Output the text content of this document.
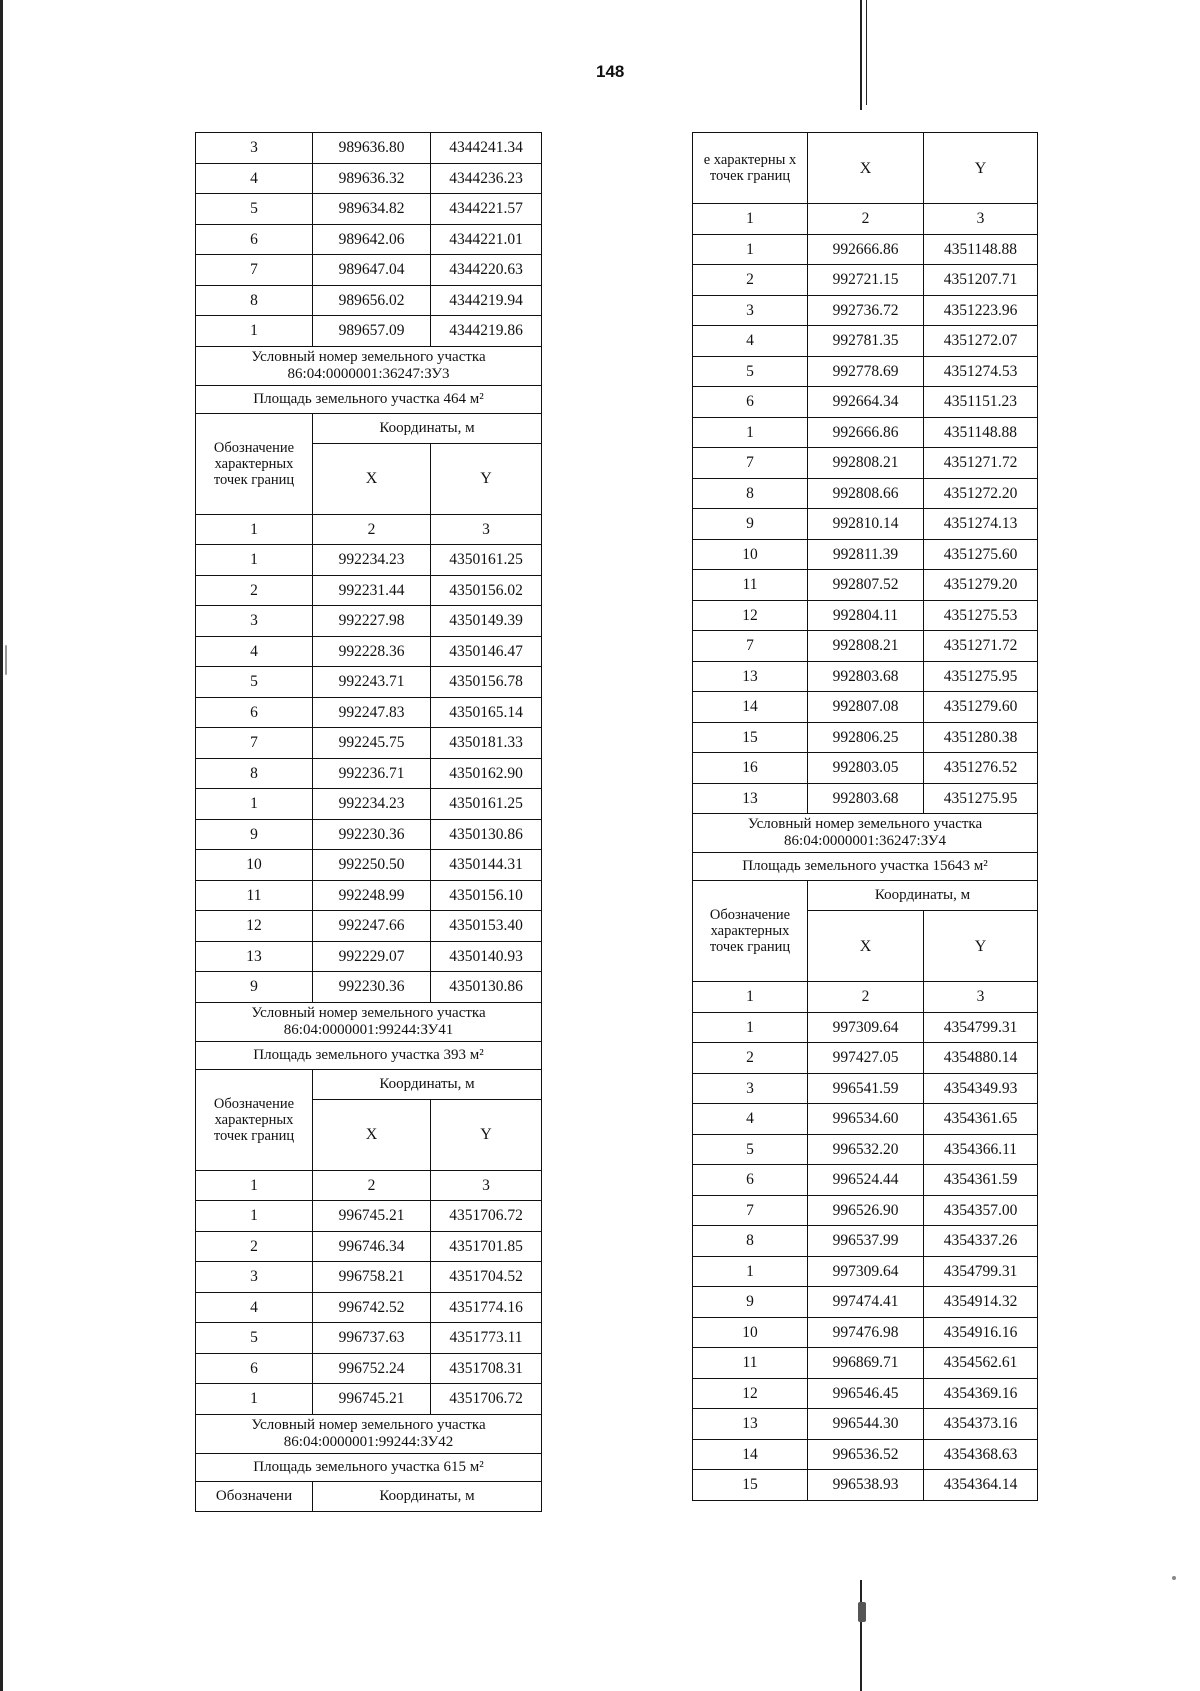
148
3	989636.80	4344241.34
4	989636.32	4344236.23
5	989634.82	4344221.57
6	989642.06	4344221.01
7	989647.04	4344220.63
8	989656.02	4344219.94
1	989657.09	4344219.86

Условный номер земельного участка
86:04:0000001:36247:ЗУ3		

Площадь земельного участка 464 м²		
Обозначение характерных точек границ	Координаты, м	
	X	Y
1	2	3
1	992234.23	4350161.25
2	992231.44	4350156.02
3	992227.98	4350149.39
4	992228.36	4350146.47
5	992243.71	4350156.78
6	992247.83	4350165.14
7	992245.75	4350181.33
8	992236.71	4350162.90
1	992234.23	4350161.25
9	992230.36	4350130.86
10	992250.50	4350144.31
11	992248.99	4350156.10
12	992247.66	4350153.40
13	992229.07	4350140.93
9	992230.36	4350130.86

Условный номер земельного участка
86:04:0000001:99244:ЗУ41		

Площадь земельного участка 393 м²		
Обозначение характерных точек границ	Координаты, м	
	X	Y
1	2	3
1	996745.21	4351706.72
2	996746.34	4351701.85
3	996758.21	4351704.52
4	996742.52	4351774.16
5	996737.63	4351773.11
6	996752.24	4351708.31
1	996745.21	4351706.72

Условный номер земельного участка
86:04:0000001:99244:ЗУ42		

Площадь земельного участка 615 м²		
Обозначени	Координаты, м	
е характерны х точек границ	X	Y
1	2	3
1	992666.86	4351148.88
2	992721.15	4351207.71
3	992736.72	4351223.96
4	992781.35	4351272.07
5	992778.69	4351274.53
6	992664.34	4351151.23
1	992666.86	4351148.88
7	992808.21	4351271.72
8	992808.66	4351272.20
9	992810.14	4351274.13
10	992811.39	4351275.60
11	992807.52	4351279.20
12	992804.11	4351275.53
7	992808.21	4351271.72
13	992803.68	4351275.95
14	992807.08	4351279.60
15	992806.25	4351280.38
16	992803.05	4351276.52
13	992803.68	4351275.95

Условный номер земельного участка
86:04:0000001:36247:ЗУ4		

Площадь земельного участка 15643 м²		
Обозначение характерных точек границ	Координаты, м	
	X	Y
1	2	3
1	997309.64	4354799.31
2	997427.05	4354880.14
3	996541.59	4354349.93
4	996534.60	4354361.65
5	996532.20	4354366.11
6	996524.44	4354361.59
7	996526.90	4354357.00
8	996537.99	4354337.26
1	997309.64	4354799.31
9	997474.41	4354914.32
10	997476.98	4354916.16
11	996869.71	4354562.61
12	996546.45	4354369.16
13	996544.30	4354373.16
14	996536.52	4354368.63
15	996538.93	4354364.14
